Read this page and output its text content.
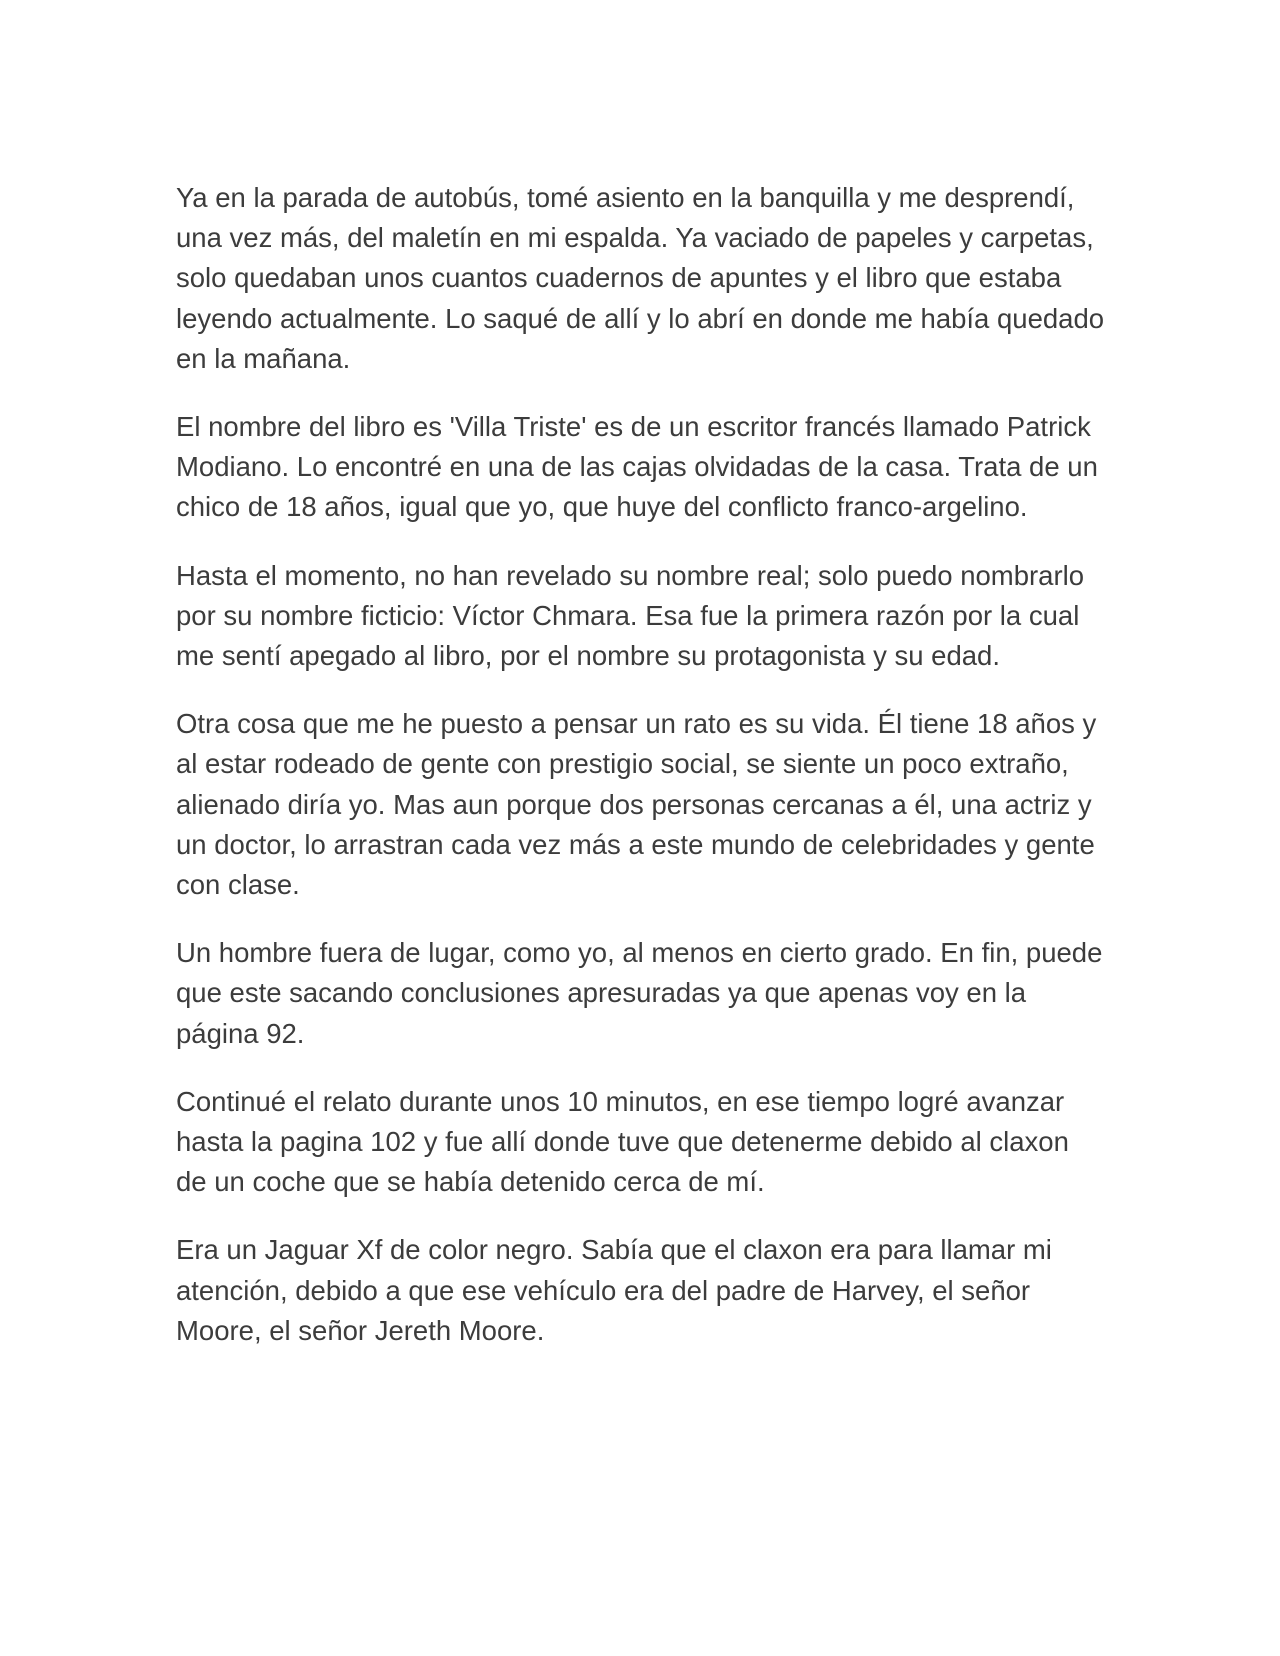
Ya en la parada de autobús, tomé asiento en la banquilla y me desprendí, una vez más, del maletín en mi espalda. Ya vaciado de papeles y carpetas, solo quedaban unos cuantos cuadernos de apuntes y el libro que estaba leyendo actualmente. Lo saqué de allí y lo abrí en donde me había quedado en la mañana.

El nombre del libro es 'Villa Triste' es de un escritor francés llamado Patrick Modiano. Lo encontré en una de las cajas olvidadas de la casa. Trata de un chico de 18 años, igual que yo, que huye del conflicto franco-argelino.

Hasta el momento, no han revelado su nombre real; solo puedo nombrarlo por su nombre ficticio: Víctor Chmara. Esa fue la primera razón por la cual me sentí apegado al libro, por el nombre su protagonista y su edad.

Otra cosa que me he puesto a pensar un rato es su vida. Él tiene 18 años y al estar rodeado de gente con prestigio social, se siente un poco extraño, alienado diría yo. Mas aun porque dos personas cercanas a él, una actriz y un doctor, lo arrastran cada vez más a este mundo de celebridades y gente con clase.

Un hombre fuera de lugar, como yo, al menos en cierto grado. En fin, puede que este sacando conclusiones apresuradas ya que apenas voy en la página 92.

Continué el relato durante unos 10 minutos, en ese tiempo logré avanzar hasta la pagina 102 y fue allí donde tuve que detenerme debido al claxon de un coche que se había detenido cerca de mí.

Era un Jaguar Xf de color negro. Sabía que el claxon era para llamar mi atención, debido a que ese vehículo era del padre de Harvey, el señor Moore, el señor Jereth Moore.
